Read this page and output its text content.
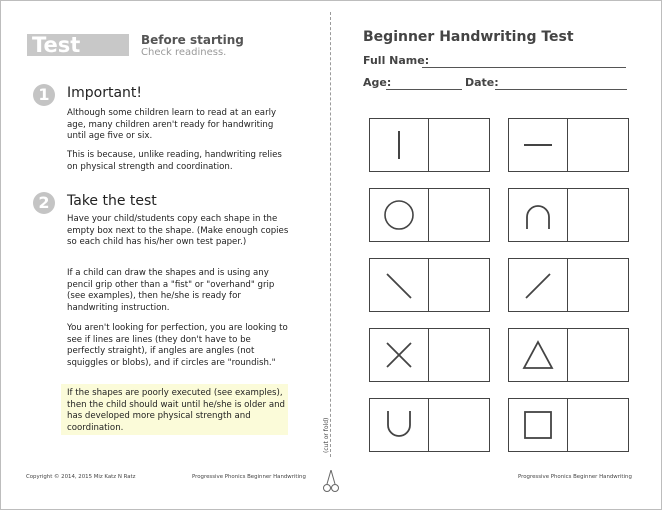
Test	Before starting
Check readiness.
1	Important!
Although some children learn to read at an early age, many children aren't ready for handwriting until age five or six.
This is because, unlike reading, handwriting relies on physical strength and coordination.
2	Take the test
Have your child/students copy each shape in the empty box next to the shape. (Make enough copies so each child has his/her own test paper.)
If a child can draw the shapes and is using any pencil grip other than a "fist" or "overhand" grip (see examples), then he/she is ready for handwriting instruction.
You aren't looking for perfection, you are looking to see if lines are lines (they don't have to be perfectly straight), if angles are angles (not squiggles or blobs), and if circles are "roundish."
If the shapes are poorly executed (see examples), then the child should wait until he/she is older and has developed more physical strength and coordination.
Copyright © 2014, 2015 Miz Katz N Ratz	Progressive Phonics Beginner Handwriting
(cut or fold)
Beginner Handwriting Test
Full Name:
Age:	Date:
Progressive Phonics Beginner Handwriting
